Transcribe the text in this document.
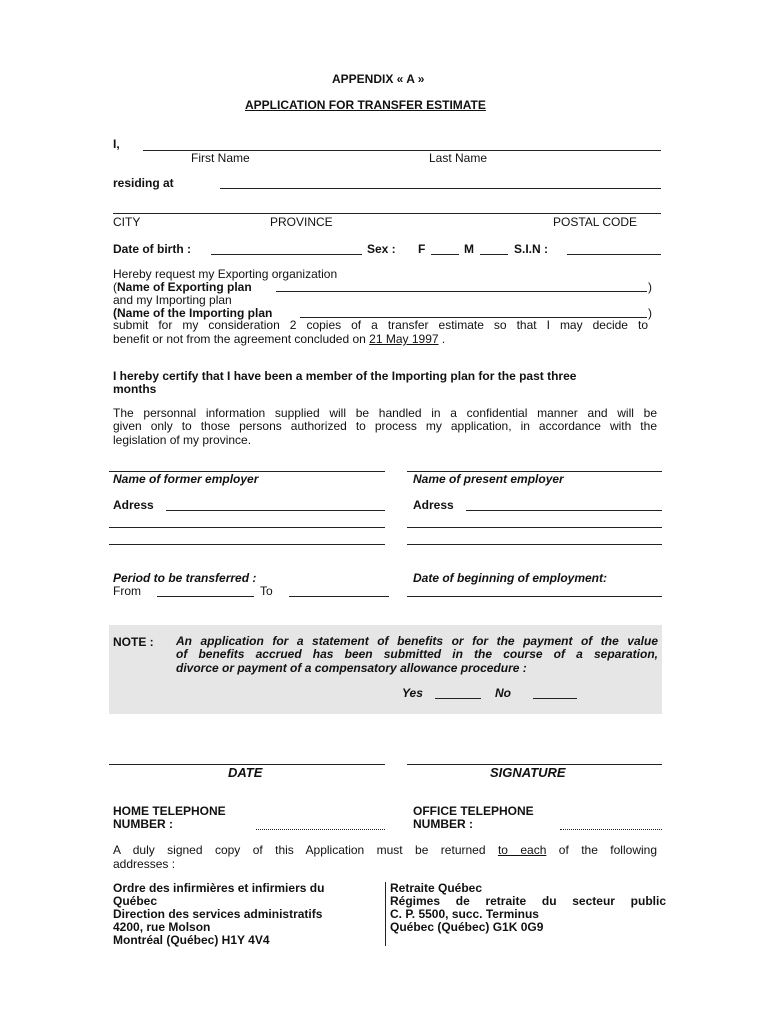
APPENDIX « A »
APPLICATION FOR TRANSFER ESTIMATE
I,
First Name	Last Name
residing at
CITY	PROVINCE	POSTAL CODE
Date of birth :	Sex : F	M	S.I.N :
Hereby request my Exporting organization
(Name of Exporting plan	)
and my Importing plan
(Name of the Importing plan	)
submit for my consideration 2 copies of a transfer estimate so that I may decide to
benefit or not from the agreement concluded on 21 May 1997 .
I hereby certify that I have been a member of the Importing plan for the past three
months
The personnal information supplied will be handled in a confidential manner and will be
given only to those persons authorized to process my application, in accordance with the
legislation of my province.
Name of former employer	Name of present employer
Adress	Adress
Period to be transferred :
From	To
Date of beginning of employment:
NOTE : An application for a statement of benefits or for the payment of the value
of benefits accrued has been submitted in the course of a separation,
divorce or payment of a compensatory allowance procedure :
Yes	No
DATE	SIGNATURE
HOME TELEPHONE
NUMBER :
OFFICE TELEPHONE
NUMBER :
A duly signed copy of this Application must be returned to each of the following
addresses :
Ordre des infirmières et infirmiers du
Québec
Direction des services administratifs
4200, rue Molson
Montréal (Québec) H1Y 4V4
Retraite Québec
Régimes de retraite du secteur public
C. P. 5500, succ. Terminus
Québec (Québec) G1K 0G9
